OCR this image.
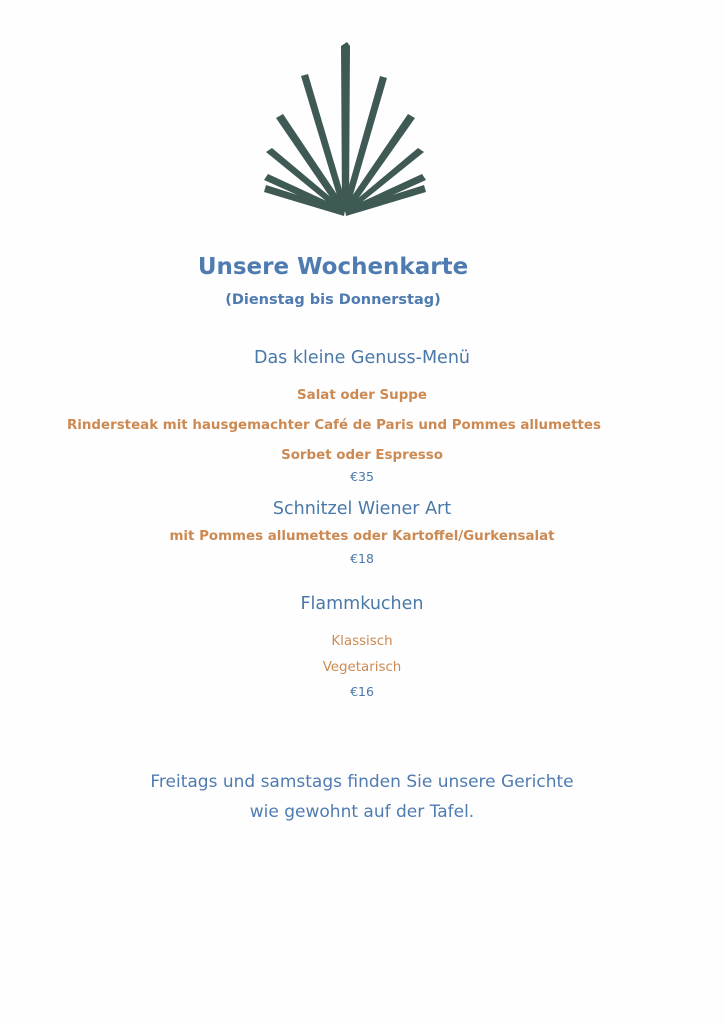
Unsere Wochenkarte
(Dienstag bis Donnerstag)
Das kleine Genuss-Menü
Salat oder Suppe
Rindersteak mit hausgemachter Café de Paris und Pommes allumettes
Sorbet oder Espresso
€35
Schnitzel Wiener Art
mit Pommes allumettes oder Kartoffel/Gurkensalat
€18
Flammkuchen
Klassisch
Vegetarisch
€16
Freitags und samstags finden Sie unsere Gerichte
wie gewohnt auf der Tafel.
